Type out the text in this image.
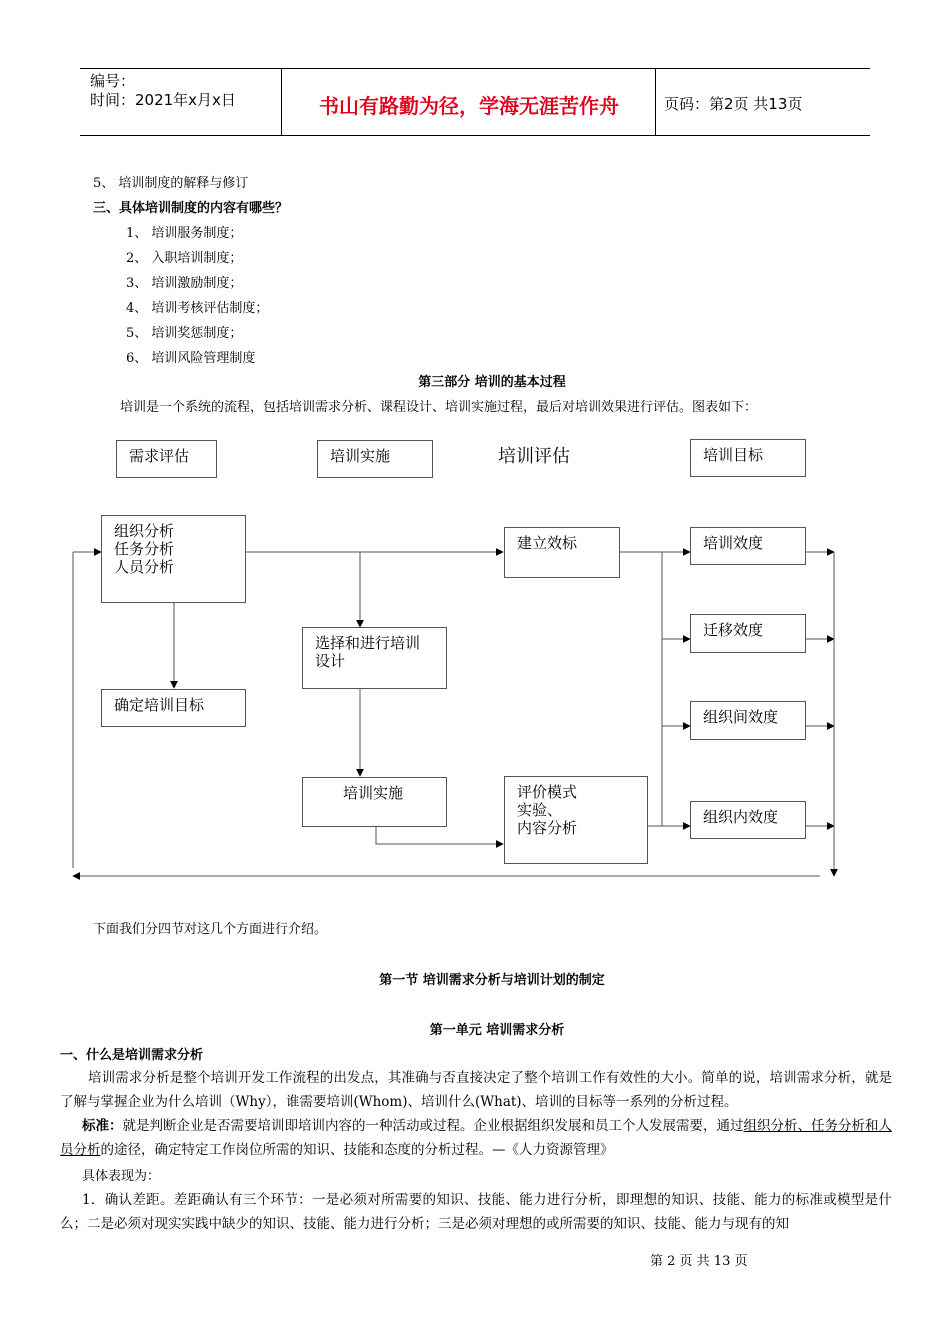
编号：
时间：2021年x月x日	书山有路勤为径，学海无涯苦作舟	页码：第2页 共13页
5、 培训制度的解释与修订
三、具体培训制度的内容有哪些？
1、 培训服务制度；
2、 入职培训制度；
3、 培训激励制度；
4、 培训考核评估制度；
5、 培训奖惩制度；
6、 培训风险管理制度
第三部分 培训的基本过程
培训是一个系统的流程，包括培训需求分析、课程设计、培训实施过程，最后对培训效果进行评估。图表如下：
需求评估	培训实施	培训评估	培训目标
组织分析
任务分析
人员分析
确定培训目标
选择和进行培训设计
培训实施
建立效标
评价模式
实验、
内容分析
培训效度
迁移效度
组织间效度
组织内效度
下面我们分四节对这几个方面进行介绍。
第一节 培训需求分析与培训计划的制定
第一单元 培训需求分析
一、什么是培训需求分析
培训需求分析是整个培训开发工作流程的出发点，其准确与否直接决定了整个培训工作有效性的大小。简单的说，培训需求分析，就是了解与掌握企业为什么培训（Why），谁需要培训(Whom)、培训什么(What)、培训的目标等一系列的分析过程。
标准：就是判断企业是否需要培训即培训内容的一种活动或过程。企业根据组织发展和员工个人发展需要，通过组织分析、任务分析和人员分析的途径，确定特定工作岗位所需的知识、技能和态度的分析过程。—《人力资源管理》
具体表现为：
1．确认差距。差距确认有三个环节：一是必须对所需要的知识、技能、能力进行分析，即理想的知识、技能、能力的标准或模型是什么；二是必须对现实实践中缺少的知识、技能、能力进行分析；三是必须对理想的或所需要的知识、技能、能力与现有的知
第 2 页 共 13 页
